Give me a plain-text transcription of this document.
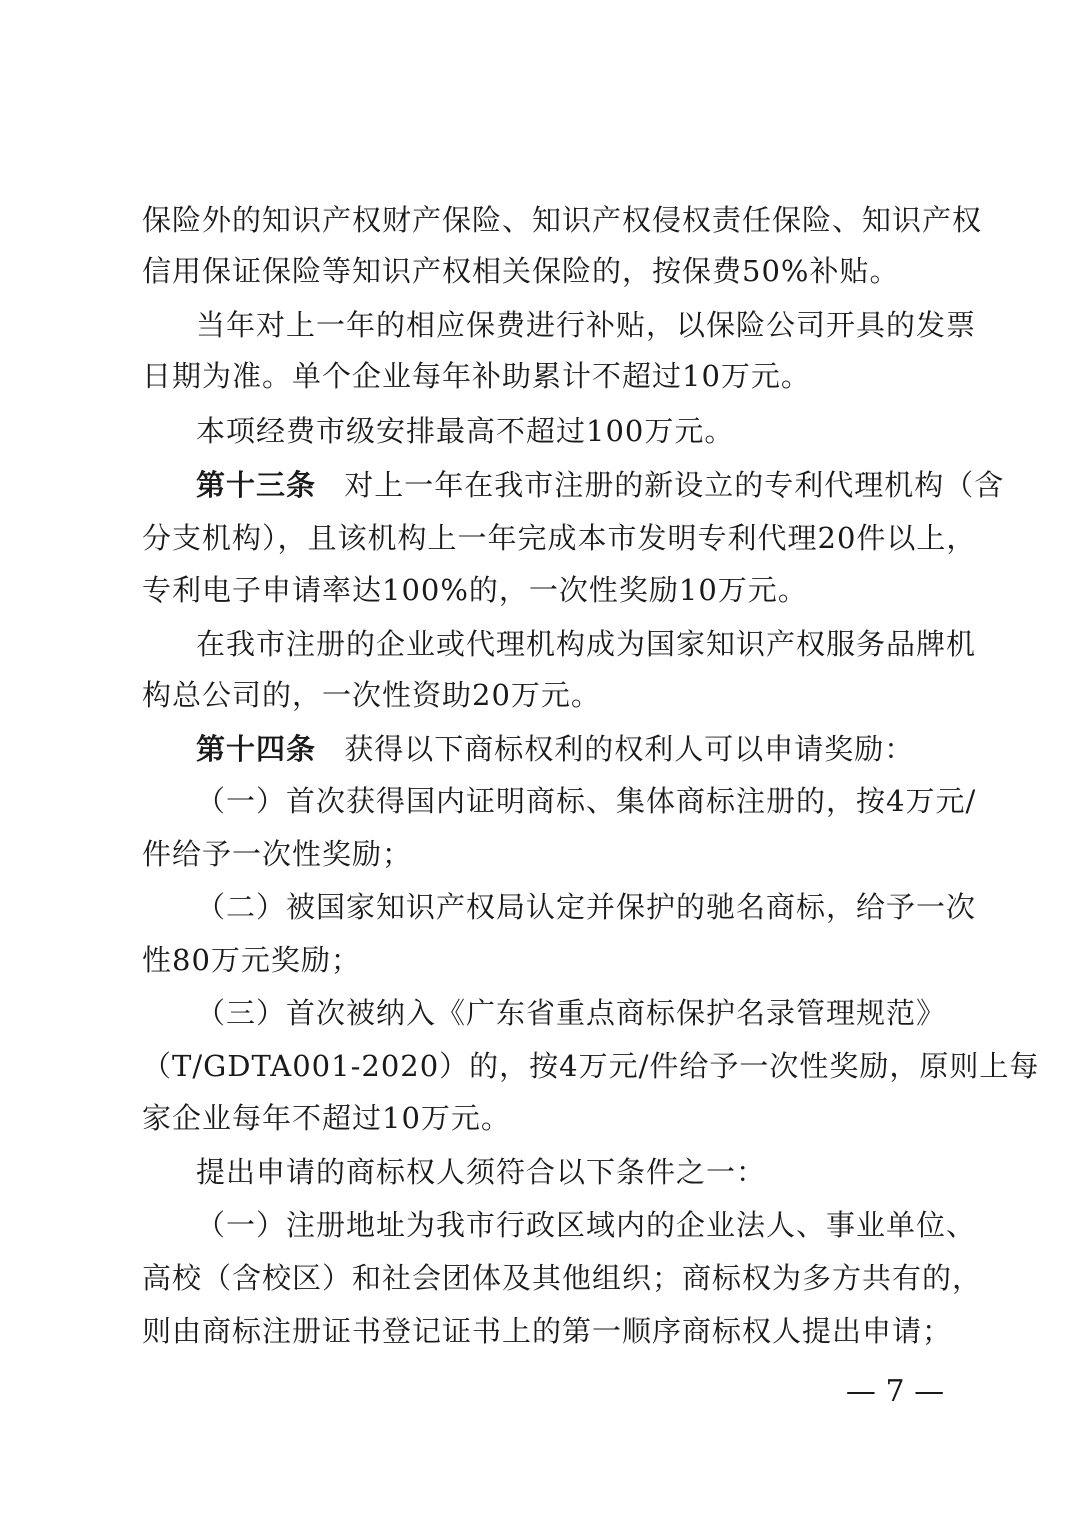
保险外的知识产权财产保险、知识产权侵权责任保险、知识产权
信用保证保险等知识产权相关保险的，按保费50%补贴。
当年对上一年的相应保费进行补贴，以保险公司开具的发票
日期为准。单个企业每年补助累计不超过10万元。
本项经费市级安排最高不超过100万元。
第十三条 对上一年在我市注册的新设立的专利代理机构（含
分支机构），且该机构上一年完成本市发明专利代理20件以上，
专利电子申请率达100%的，一次性奖励10万元。
在我市注册的企业或代理机构成为国家知识产权服务品牌机
构总公司的，一次性资助20万元。
第十四条 获得以下商标权利的权利人可以申请奖励：
（一）首次获得国内证明商标、集体商标注册的，按4万元/
件给予一次性奖励；
（二）被国家知识产权局认定并保护的驰名商标，给予一次
性80万元奖励；
（三）首次被纳入《广东省重点商标保护名录管理规范》
（T/GDTA001-2020）的，按4万元/件给予一次性奖励，原则上每
家企业每年不超过10万元。
提出申请的商标权人须符合以下条件之一：
（一）注册地址为我市行政区域内的企业法人、事业单位、
高校（含校区）和社会团体及其他组织；商标权为多方共有的，
则由商标注册证书登记证书上的第一顺序商标权人提出申请；
— 7 —
